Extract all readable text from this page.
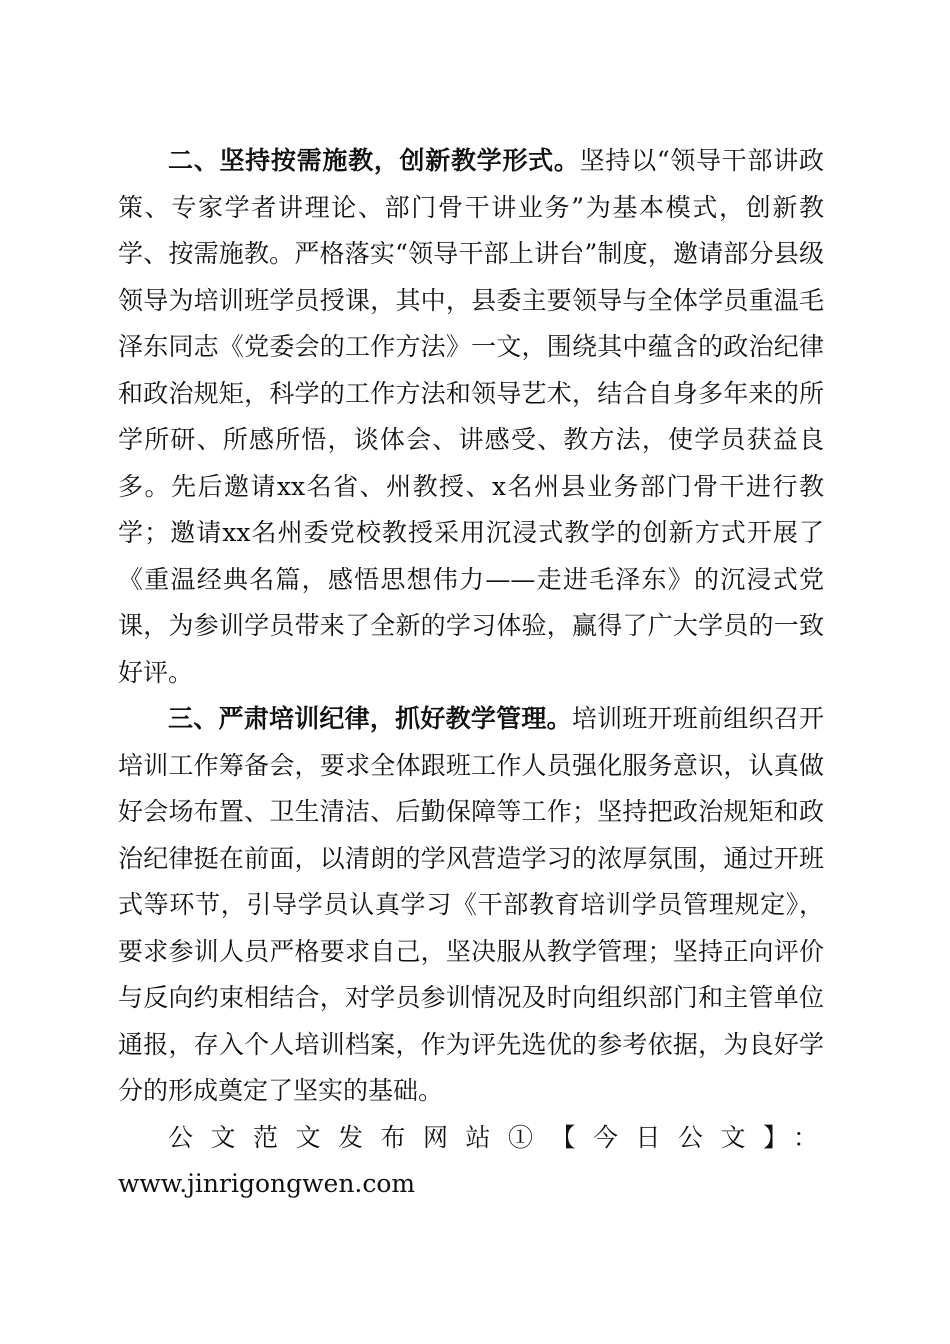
二、坚持按需施教，创新教学形式。坚持以“领导干部讲政策、专家学者讲理论、部门骨干讲业务”为基本模式，创新教学、按需施教。严格落实“领导干部上讲台”制度，邀请部分县级领导为培训班学员授课，其中，县委主要领导与全体学员重温毛泽东同志《党委会的工作方法》一文，围绕其中蕴含的政治纪律和政治规矩，科学的工作方法和领导艺术，结合自身多年来的所学所研、所感所悟，谈体会、讲感受、教方法，使学员获益良多。先后邀请xx名省、州教授、x名州县业务部门骨干进行教学；邀请xx名州委党校教授采用沉浸式教学的创新方式开展了《重温经典名篇，感悟思想伟力——走进毛泽东》的沉浸式党课，为参训学员带来了全新的学习体验，赢得了广大学员的一致好评。

三、严肃培训纪律，抓好教学管理。培训班开班前组织召开培训工作筹备会，要求全体跟班工作人员强化服务意识，认真做好会场布置、卫生清洁、后勤保障等工作；坚持把政治规矩和政治纪律挺在前面，以清朗的学风营造学习的浓厚氛围，通过开班式等环节，引导学员认真学习《干部教育培训学员管理规定》，要求参训人员严格要求自己，坚决服从教学管理；坚持正向评价与反向约束相结合，对学员参训情况及时向组织部门和主管单位通报，存入个人培训档案，作为评先选优的参考依据，为良好学分的形成奠定了坚实的基础。

公文范文发布网站①【今日公文】：

www.jinrigongwen.com
